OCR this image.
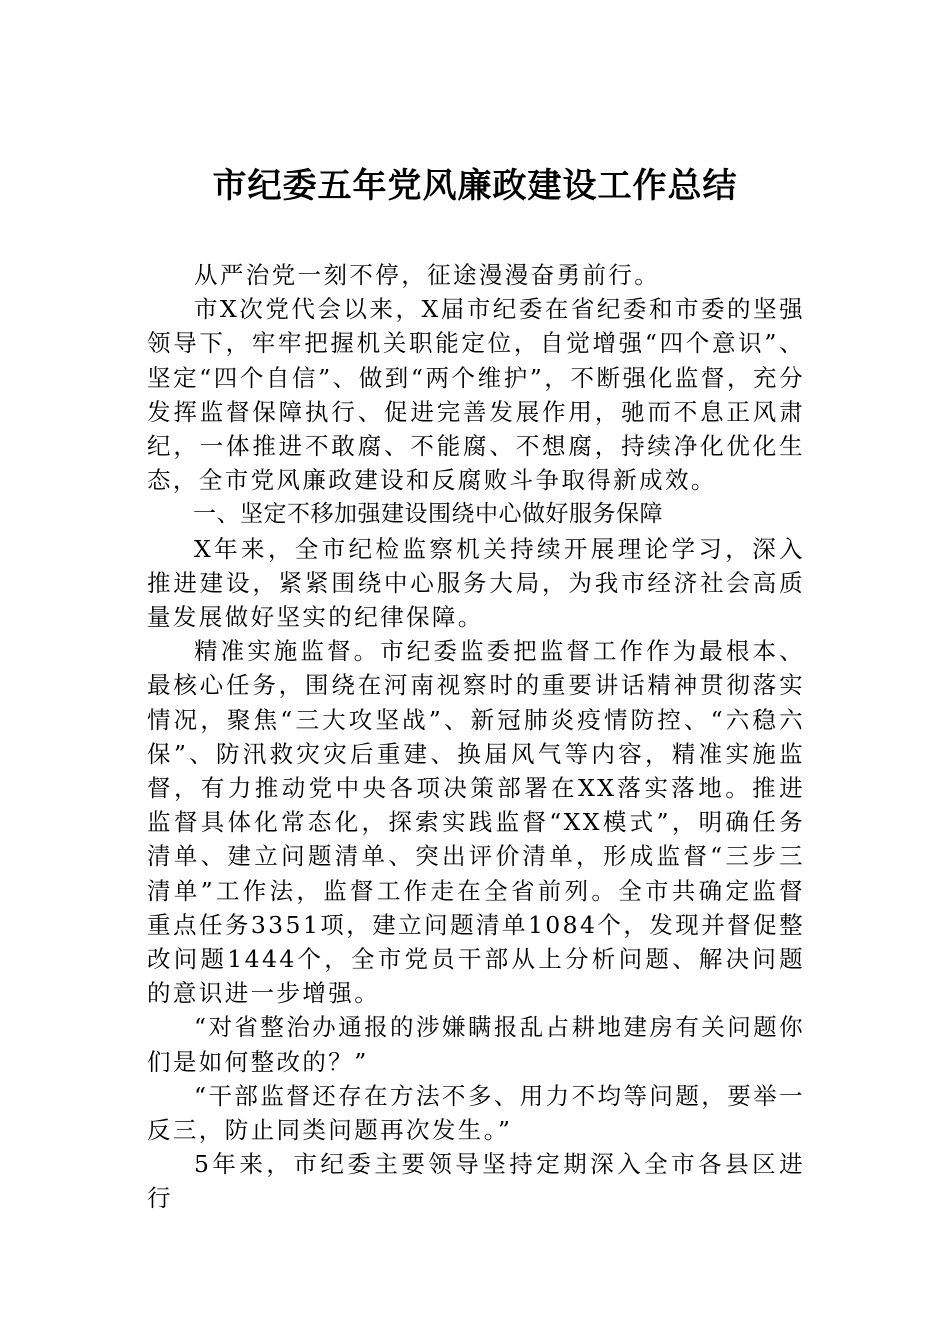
市纪委五年党风廉政建设工作总结

从严治党一刻不停，征途漫漫奋勇前行。

市X次党代会以来，X届市纪委在省纪委和市委的坚强领导下，牢牢把握机关职能定位，自觉增强“四个意识”、坚定“四个自信”、做到“两个维护”，不断强化监督，充分发挥监督保障执行、促进完善发展作用，驰而不息正风肃纪，一体推进不敢腐、不能腐、不想腐，持续净化优化生态，全市党风廉政建设和反腐败斗争取得新成效。

一、坚定不移加强建设围绕中心做好服务保障

X年来，全市纪检监察机关持续开展理论学习，深入推进建设，紧紧围绕中心服务大局，为我市经济社会高质量发展做好坚实的纪律保障。

精准实施监督。市纪委监委把监督工作作为最根本、最核心任务，围绕在河南视察时的重要讲话精神贯彻落实情况，聚焦“三大攻坚战”、新冠肺炎疫情防控、“六稳六保”、防汛救灾灾后重建、换届风气等内容，精准实施监督，有力推动党中央各项决策部署在XX落实落地。推进监督具体化常态化，探索实践监督“XX模式”，明确任务清单、建立问题清单、突出评价清单，形成监督“三步三清单”工作法，监督工作走在全省前列。全市共确定监督重点任务3351项，建立问题清单1084个，发现并督促整改问题1444个，全市党员干部从上分析问题、解决问题的意识进一步增强。

“对省整治办通报的涉嫌瞒报乱占耕地建房有关问题你们是如何整改的？”

“干部监督还存在方法不多、用力不均等问题，要举一反三，防止同类问题再次发生。”

5年来，市纪委主要领导坚持定期深入全市各县区进行
